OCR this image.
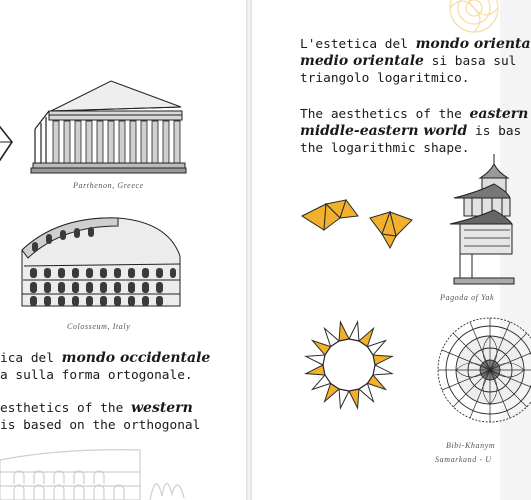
Parthenon, Greece
Colosseum, Italy

ica del mondo occidentale
a sulla forma ortogonale.

esthetics of the western
is based on the orthogonal

L'estetica del mondo orienta
medio orientale si basa sul
triangolo logaritmico.

The aesthetics of the eastern
middle-eastern world is bas
the logarithmic shape.

Pagoda of Yak
Bibi-Khanym
Samarkand - U
